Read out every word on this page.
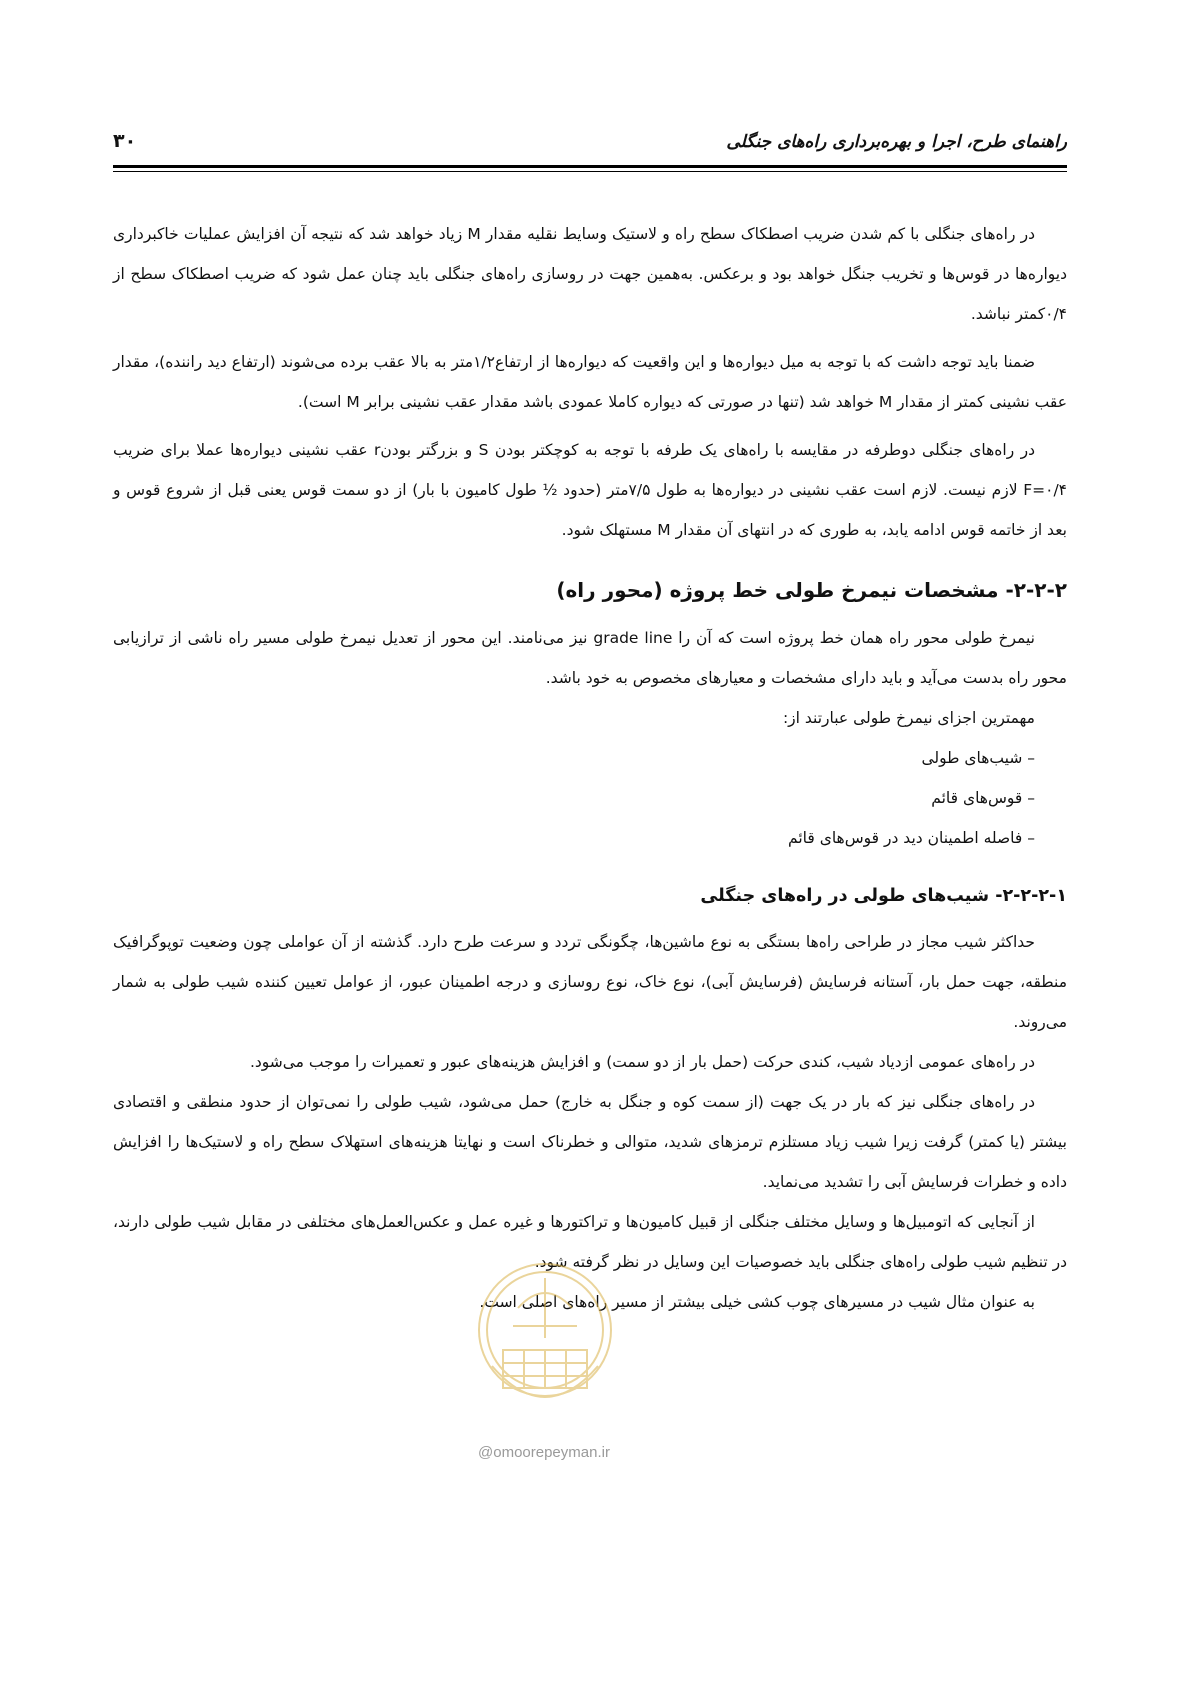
۳۰	راهنمای طرح، اجرا و بهره‌برداری راه‌های جنگلی

در راه‌های جنگلی با کم شدن ضریب اصطکاک سطح راه و لاستیک وسایط نقلیه مقدار M زیاد خواهد شد که نتیجه آن افزایش عملیات خاکبرداری دیواره‌ها در قوس‌ها و تخریب جنگل خواهد بود و برعکس. به‌همین جهت در روسازی راه‌های جنگلی باید چنان عمل شود که ضریب اصطکاک سطح از ۰/۴کمتر نباشد.

ضمنا باید توجه داشت که با توجه به میل دیواره‌ها و این واقعیت که دیواره‌ها از ارتفاع۱/۲متر به بالا عقب برده می‌شوند (ارتفاع دید راننده)، مقدار عقب نشینی کمتر از مقدار M خواهد شد (تنها در صورتی که دیواره کاملا عمودی باشد مقدار عقب نشینی برابر M است).

در راه‌های جنگلی دوطرفه در مقایسه با راه‌های یک طرفه با توجه به کوچکتر بودن S و بزرگتر بودنr عقب نشینی دیواره‌ها عملا برای ضریب F=۰/۴ لازم نیست. لازم است عقب نشینی در دیواره‌ها به طول ۷/۵متر (حدود ½ طول کامیون با بار) از دو سمت قوس یعنی قبل از شروع قوس و بعد از خاتمه قوس ادامه یابد، به طوری که در انتهای آن مقدار M مستهلک شود.

۲-۲-۲- مشخصات نیمرخ طولی خط پروژه (محور راه)

نیمرخ طولی محور راه همان خط پروژه است که آن را grade line نیز می‌نامند. این محور از تعدیل نیمرخ طولی مسیر راه ناشی از ترازیابی محور راه بدست می‌آید و باید دارای مشخصات و معیارهای مخصوص به خود باشد.

مهمترین اجزای نیمرخ طولی عبارتند از:

– شیب‌های طولی
– قوس‌های قائم
– فاصله اطمینان دید در قوس‌های قائم
۲-۲-۲-۱- شیب‌های طولی در راه‌های جنگلی

حداکثر شیب مجاز در طراحی راه‌ها بستگی به نوع ماشین‌ها، چگونگی تردد و سرعت طرح دارد. گذشته از آن عواملی چون وضعیت توپوگرافیک منطقه، جهت حمل بار، آستانه فرسایش (فرسایش آبی)، نوع خاک، نوع روسازی و درجه اطمینان عبور، از عوامل تعیین کننده شیب طولی به شمار می‌روند.

در راه‌های عمومی ازدیاد شیب، کندی حرکت (حمل بار از دو سمت) و افزایش هزینه‌های عبور و تعمیرات را موجب می‌شود.

در راه‌های جنگلی نیز که بار در یک جهت (از سمت کوه و جنگل به خارج) حمل می‌شود، شیب طولی را نمی‌توان از حدود منطقی و اقتصادی بیشتر (یا کمتر) گرفت زیرا شیب زیاد مستلزم ترمزهای شدید، متوالی و خطرناک است و نهایتا هزینه‌های استهلاک سطح راه و لاستیک‌ها را افزایش داده و خطرات فرسایش آبی را تشدید می‌نماید.

از آنجایی که اتومبیل‌ها و وسایل مختلف جنگلی از قبیل کامیون‌ها و تراکتورها و غیره عمل و عکس‌العمل‌های مختلفی در مقابل شیب طولی دارند، در تنظیم شیب طولی راه‌های جنگلی باید خصوصیات این وسایل در نظر گرفته شود.

به عنوان مثال شیب در مسیرهای چوب کشی خیلی بیشتر از مسیر راه‌های اصلی است.

@omoorepeyman.ir
